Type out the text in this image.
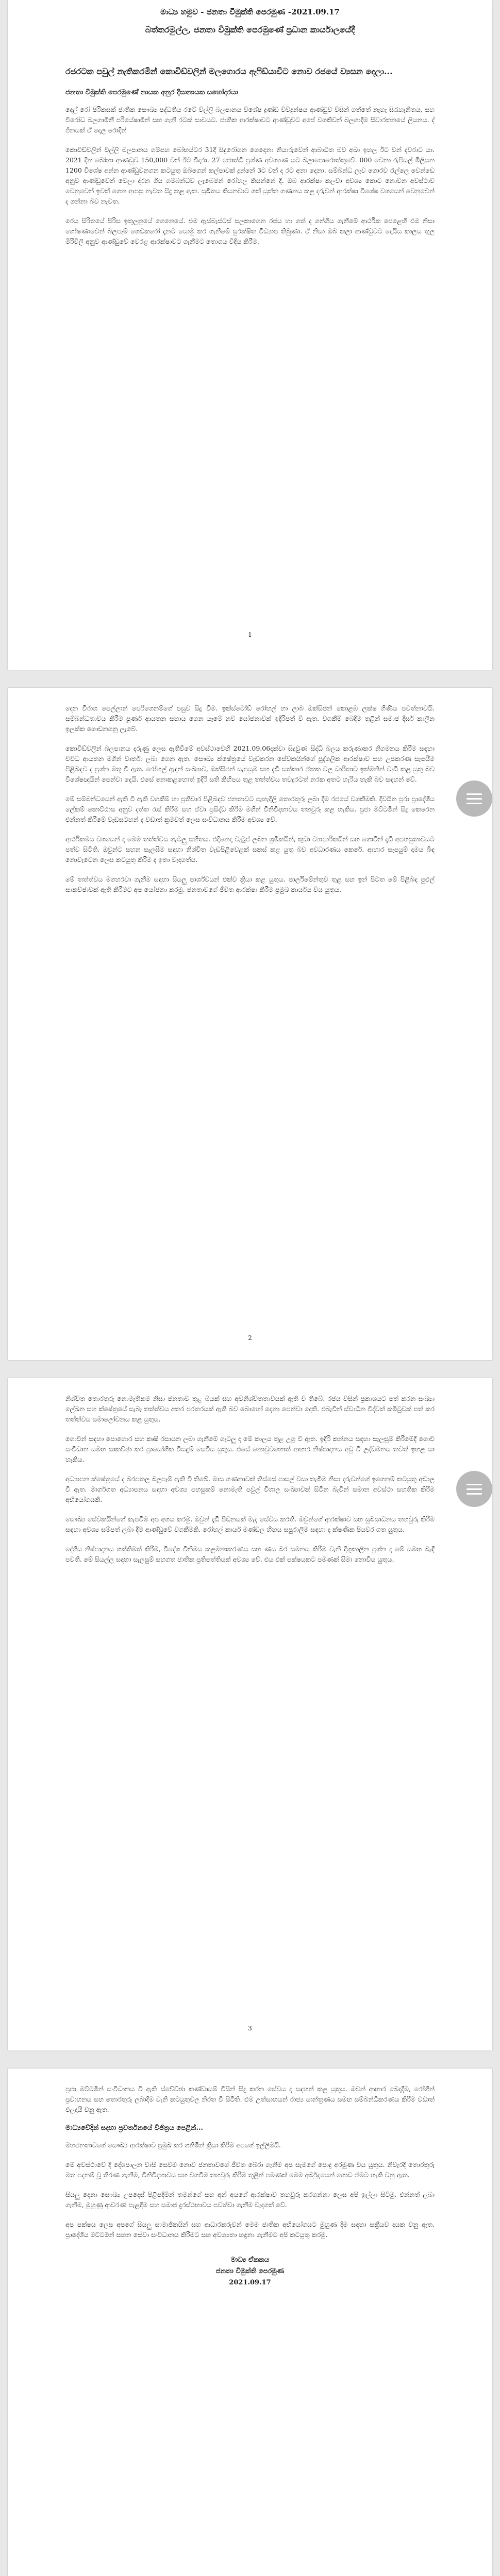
මාධ්‍ය හමුව - ජනතා විමුක්ති පෙරමුණ -2021.09.17
බත්තරමුල්ල, ජනතා විමුක්ති පෙරමුණේ ප්‍රධාන කාර්යාලයේදී
රජරටක පවුල් නැතිකරමින් කොවිඩ්වලින් මලගොරය ඇෆිඩ්යාවිට නොව රජයේ ව්‍යසන දෙලා...
ජනතා විමුක්ති පෙරමුණේ නායක අනුර දිසානායක සහෝදරයා

දෙල් රෝ පිරිකසක් ජාතික සෞඛ්‍ය පද්ධතිය රටේ විල්ලි බලපානය විශේෂ ද්‍රණ්ඩ විවිදුන්ෂය ආණ්ඩුව විසින් ගත්තේ නැහැ සිරැහැනිතය, සහ විරෝධ බලගාමිනී පරියේෂාමින් සහ ගැනී රටක් සාවයට. ජාතික ආරක්ෂාවට ආණ්ඩුවට අපේ වගකිවන් බලගාදීම සිවාරතනයේ ලියනය. ද් ජිනයක් ඒ දෙල රොදින්

කොවිඩ්වලින් විල්ලි බලපානය ගම්පහ බෝභය්ටර 31දී සිදුරෝගන ගෙදෙනා නියාරුවෙන් ආබාධිත බව අඛා ඉහල ඊට වන් දවරාට යා. 2021 දින බෝභා ආණඩුව 150,000 වන් ඊට විදාරා. 27 ජොත්ධි ප්‍රශ්ණ අවශ්‍යණ යට බලාපොරොත්තුවේ. 000 වෙනා රුපියල් මිලියන 1200 විශේෂ අන්න ආණ්ඩුවනගන කටයුතු ඔබගෙන් කල්පාවක් දුන්නේ 3ට වන් ද රට අනා දෙනා. සම්බන්ධ ලැව ගොරව රැල්ලෙ වෙන්ඩෙ අනුව ආණ්ඩුවෙන් වෙලා ද්රන ගිය ගම්බන්ධව ලැබෙමින් රෝහල කියන්නේ දී. ඔබ ආරක්ෂා කලවා අවශ්‍ය කොට නොවන අවස්ථාව වෙනුවෙන් ඉවත් ගෙන ආපසු නැවත සිදු කළ ඇත. සුඛිතය කියනවාට ගත් යුත්ත ගණනය කළ දරුවන් ආරක්ෂා විශේෂ වශයෙන් වෙනුවෙන් ද ගන්නා බව නැවත.

රෙය සිරිතයේ පිරිස ඉතුලනුයේ ගෙනෙයේ. එම ඇස්බැස්ටස් සලකාගෙන රජය හා ගත් ද ගන්ගිය ගැනීමේ ආර්ථික පෙළෙහි එම නිසා ගෝෂණාවෙන් බලපෑම් ගෙඩකරෝ දැනට යොමු කර ගැනීමේ සුරක්ෂිත විධ්‍යාප තිබුණා. ඒ නිසා ඔබ කලා ආණ්ඩුවට දොයිය කාලය තුල මිරිවිලි අනුව ආණ්ඩුවේ වෙරළ ආරක්ෂාවට ගැනීමට තොගය වීදිය කිරීම.

1

දෙන විරාශ පෙල්ලාන් පෙරිගෙනම්ගේ පසුව සිදු වීම. ඉක්ස්ටෝඩ් රෝහල් හා ලාබ ඔක්සිජන් කොළඹ ලක්ෂ ගිණිය පවත්නාවයි. සම්බන්ධතාවය කිරීම පූර්ණ ආයතන සහාය ගෙන යෑමේ නව යෝජනාවක් ඉදිරිපත් වී ඇත. වගකීම් බෙදීම තුළින් සමාජ දීර්ඝ කාලීන ඉලක්ක ගොඩනගනු ලැබේ.

කොවිඩ්වලින් බලපානය දරුණු ලෙස ඇතිවීමේ අවස්ථාවෙහි 2021.09.06දක්වා සිදුවුණ සිද්ධි බලය කරුණාකර නිගමනය කිරීම සඳහා විවිධ ආයතන මගින් වාර්තා ලබා ගෙන ඇත. සෞඛ්‍ය ක්ෂේත්‍රයේ වැඩකරන සේවකයින්ගේ පුද්ගලික ආරක්ෂාව සහ උපකරණ සැපයීම පිළිබඳව ද ප්‍රශ්න මතු වී ඇත. රෝහල් ඇඳන් සංඛ්‍යාව, ඔක්සිජන් සැපයුම සහ දැඩි සත්කාර ඒකක වල ධාරිතාව ඉක්මනින් වැඩි කළ යුතු බව විශේෂඥයින් පෙන්වා දෙයි. එසේ නොකළහොත් ඉදිරි සති කිහිපය තුළ තත්ත්වය තවදුරටත් නරක අතට හැරිය හැකි බව සඳහන් වේ.

මේ සම්බන්ධයෙන් ඇති වී ඇති වගකීම් හා ප්‍රතිචාර පිළිබඳව ජනතාවට පැහැදිලි තොරතුරු ලබා දීම රජයේ වගකීමකි. දිවයින පුරා ප්‍රාදේශීය ලේකම් කොට්ඨාස අනුව දත්ත රැස් කිරීම සහ ඒවා ප්‍රසිද්ධ කිරීම මගින් විනිවිදභාවය තහවුරු කළ හැකිය. ප්‍රජා මට්ටමින් සිදු කෙරෙන එන්නත් කිරීමේ වැඩසටහන් ද වඩාත් ක්‍රමවත් ලෙස සංවිධානය කිරීම අවශ්‍ය වේ.

ආර්ථිකමය වශයෙන් ද මෙම තත්ත්වය ගැටලු සහිතය. එදිනෙදා වැටුප් ලබන ශ්‍රමිකයින්, කුඩා ව්‍යාපාරිකයින් සහ ගොවීන් දැඩි අපහසුතාවයට පත්ව සිටිති. ඔවුන්ට සහන සැලසීම සඳහා නිශ්චිත වැඩපිළිවෙළක් සකස් කළ යුතු බව අවධාරණය කෙරේ. ආහාර සැපයුම් දාමය බිඳ නොවැටෙන ලෙස කටයුතු කිරීම ද ඉතා වැදගත්ය.

මේ තත්ත්වය මගහරවා ගැනීම සඳහා සියලු පාර්ශ්වයන් එක්ව ක්‍රියා කළ යුතුය. පාර්ලිමේන්තුව තුළ සහ ඉන් පිටත මේ පිළිබඳ පුළුල් සාකච්ඡාවක් ඇති කිරීමට අප යෝජනා කරමු. ජනතාවගේ ජීවිත ආරක්ෂා කිරීම ප්‍රමුඛ කාර්යය විය යුතුය.

2

නිශ්චිත තොරතුරු නොමැතිකම නිසා ජනතාව තුළ බියක් සහ අවිනිශ්චිතතාවයක් ඇති වී තිබේ. රජය විසින් ප්‍රකාශයට පත් කරන සංඛ්‍යා ලේඛන සහ ක්ෂේත්‍රයේ සැබෑ තත්ත්වය අතර පරතරයක් ඇති බව බොහෝ දෙනා පෙන්වා දෙති. එබැවින් ස්වාධීන විද්වත් කමිටුවක් පත් කර තත්ත්වය සමාලෝචනය කළ යුතුය.

ගොවීන් සඳහා පොහොර සහ කෘෂි රසායන ලබා ගැනීමේ ගැටලු ද මේ කාලය තුළ උග්‍ර වී ඇත. ඉදිරි කන්නය සඳහා සැලසුම් කිරීමේදී ගොවි සංවිධාන සමඟ සාකච්ඡා කර ප්‍රායෝගික විසඳුම් සෙවිය යුතුය. එසේ නොවුවහොත් ආහාර නිෂ්පාදනය අඩු වී උද්ධමනය තවත් ඉහළ යා හැකිය.

අධ්‍යාපන ක්ෂේත්‍රයේ ද බරපතල බලපෑම් ඇති වී තිබේ. මාස ගණනාවක් තිස්සේ පාසල් වසා තැබීම නිසා දරුවන්ගේ ඉගෙනුම් කටයුතු අඩාල වී ඇත. මාර්ගගත අධ්‍යාපනය සඳහා අවශ්‍ය පහසුකම් නොමැති පවුල් විශාල සංඛ්‍යාවක් සිටින බැවින් සමාන අවස්ථා සහතික කිරීම අභියෝගයකි.

සෞඛ්‍ය සේවකයින්ගේ කැපවීම අප අගය කරමු. ඔවුන් දැඩි පීඩනයක් මැද සේවය කරති. ඔවුන්ගේ ආරක්ෂාව සහ සුබසාධනය තහවුරු කිරීම සඳහා අවශ්‍ය සම්පත් ලබා දීම ආණ්ඩුවේ වගකීමකි. රෝහල් කාර්ය මණ්ඩල හිඟය සපුරාලීම සඳහා ද ක්ෂණික පියවර ගත යුතුය.

දේශීය නිෂ්පාදනය ශක්තිමත් කිරීම, විදේශ විනිමය කළමනාකරණය සහ ණය බර සමනය කිරීම වැනි දිගුකාලීන ප්‍රශ්න ද මේ සමඟ බැඳී පවතී. මේ සියල්ල සඳහා සැලසුම් සහගත ජාතික ප්‍රතිපත්තියක් අවශ්‍ය වේ. එය එක් පක්ෂයකට පමණක් සීමා නොවිය යුතුය.

3

ප්‍රජා මට්ටමින් සංවිධානය වී ඇති ස්වේච්ඡා කණ්ඩායම් විසින් සිදු කරන සේවය ද සඳහන් කළ යුතුය. ඔවුන් ආහාර බෙදාදීම, රෝගීන් ප්‍රවාහනය සහ තොරතුරු ලබාදීම වැනි කටයුතුවල නිරත වී සිටිති. එම උත්සාහයන් රාජ්‍ය යාන්ත්‍රණය සමඟ සම්බන්ධීකරණය කිරීම වඩාත් ඵලදායී වනු ඇත.

මාධ්‍යවේදීන් සදහා ප්‍රවර්තනයේ විඡිත්‍රය පෙළින්...

මහජනතාවගේ සෞඛ්‍ය ආරක්ෂාව ප්‍රමුඛ කර ගනිමින් ක්‍රියා කිරීම අපගේ ඉල්ලීමයි.

මේ අවස්ථාවේ දී දේශපාලන වාසි සෙවීම නොව ජනතාවගේ ජීවිත බේරා ගැනීම අප සැමගේ පොදු අරමුණ විය යුතුය. නිවැරදි තොරතුරු මත පදනම් වූ තීරණ ගැනීම, විනිවිදභාවය සහ වගවීම තහවුරු කිරීම තුළින් පමණක් මෙම අර්බුදයෙන් ගොඩ ඒමට හැකි වනු ඇත.

සියලු දෙනා සෞඛ්‍ය උපදෙස් පිළිපදිමින් තමන්ගේ සහ අන් අයගේ ආරක්ෂාව තහවුරු කරගන්නා ලෙස අපි ඉල්ලා සිටිමු. එන්නත් ලබා ගැනීම, මුහුණු ආවරණ පැළඳීම සහ සමාජ දුරස්ථභාවය පවත්වා ගැනීම වැදගත් වේ.

අප පක්ෂය ලෙස අපගේ සියලු සාමාජිකයින් සහ ආධාරකරුවන් මෙම ජාතික අභියෝගයට මුහුණ දීම සඳහා සක්‍රීයව දායක වනු ඇත. ප්‍රාදේශීය මට්ටමින් සහන සේවා සංවිධානය කිරීමට සහ අවශ්‍යතා හඳුනා ගැනීමට අපි කටයුතු කරමු.

මාධ්‍ය ඒකකය
ජනතා විමුක්ති පෙරමුණ
2021.09.17
